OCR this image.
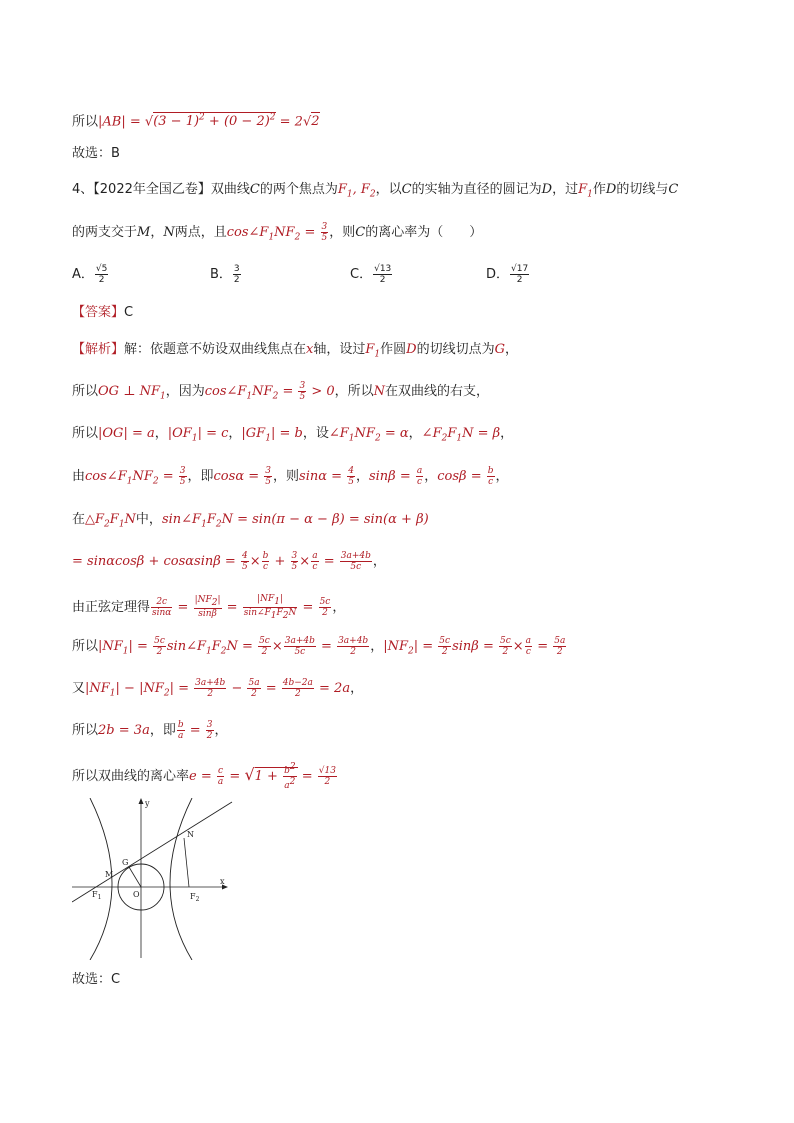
所以$|AB| = √(3 - 1)^2 + (0 - 2)^2 = 2√2$
故选：B
4、【2022年全国乙卷】双曲线C的两个焦点为$F_1$, $F_2$，以C的实轴为直径的圆记为D，过$F_1$作D的切线与C
的两支交于M，N两点，且$\cos\angle F_1NF_2 = \frac{3}{5}$ ，则C的离心率为（　　）
A． $\frac{√5}{2}$	B． $\frac{3}{2}$	C． $\frac{√13}{2}$	D． $\frac{√17}{2}$
【答案】C
【解析】解：依题意不妨设双曲线焦点在x轴，设过$F_1$作圆D的切线切点为G，
所以OG ⊥ $NF_1$，因为$\cos\angle F_1NF_2 = \frac{3}{5} > 0$，所以N在双曲线的右支，
所以|OG| = a，$|OF_1| = c$，$|GF_1| = b$，设$\angle F_1NF_2 = \alpha$，$\angle F_2F_1N = \beta$，
由$\cos\angle F_1NF_2 = \frac{3}{5}$ ，即$\cos\alpha = \frac{3}{5}$ ，则$\sin\alpha = \frac{4}{5}$ ，$\sin\beta = \frac{a}{c}$ ，$\cos\beta = \frac{b}{c}$ ，
在$\triangle F_2F_1N$中，$\sin\angle F_1F_2N = \sin(\pi - \alpha - \beta) = \sin(\alpha + \beta)$
= $\sin\alpha\cos\beta + \cos\alpha\sin\beta = \frac{4}{5} \times \frac{b}{c} + \frac{3}{5} \times \frac{a}{c} = \frac{3a+4b}{5c}$ ，
由正弦定理得 $\frac{2c}{\sin\alpha} = \frac{|NF_2|}{\sin\beta} = \frac{|NF_1|}{\sin\angle F_1F_2N} = \frac{5c}{2}$ ，
所以$|NF_1| = \frac{5c}{2}$ $\sin\angle F_1F_2N = \frac{5c}{2} \times \frac{3a+4b}{5c} = \frac{3a+4b}{2}$ ，$|NF_2| = \frac{5c}{2}$ $\sin\beta = \frac{5c}{2} \times \frac{a}{c} = \frac{5a}{2}$
又$|NF_1| - |NF_2| = \frac{3a+4b}{2} - \frac{5a}{2} = \frac{4b-2a}{2} = 2a$，
所以2b = 3a，即 $\frac{b}{a} = \frac{3}{2}$ ，
所以双曲线的离心率$e = \frac{c}{a} = √1 + \frac{b^2}{a^2} = \frac{√13}{2}$
y
x
N
G
M
O
$F_1$	$F_2$
故选：C
